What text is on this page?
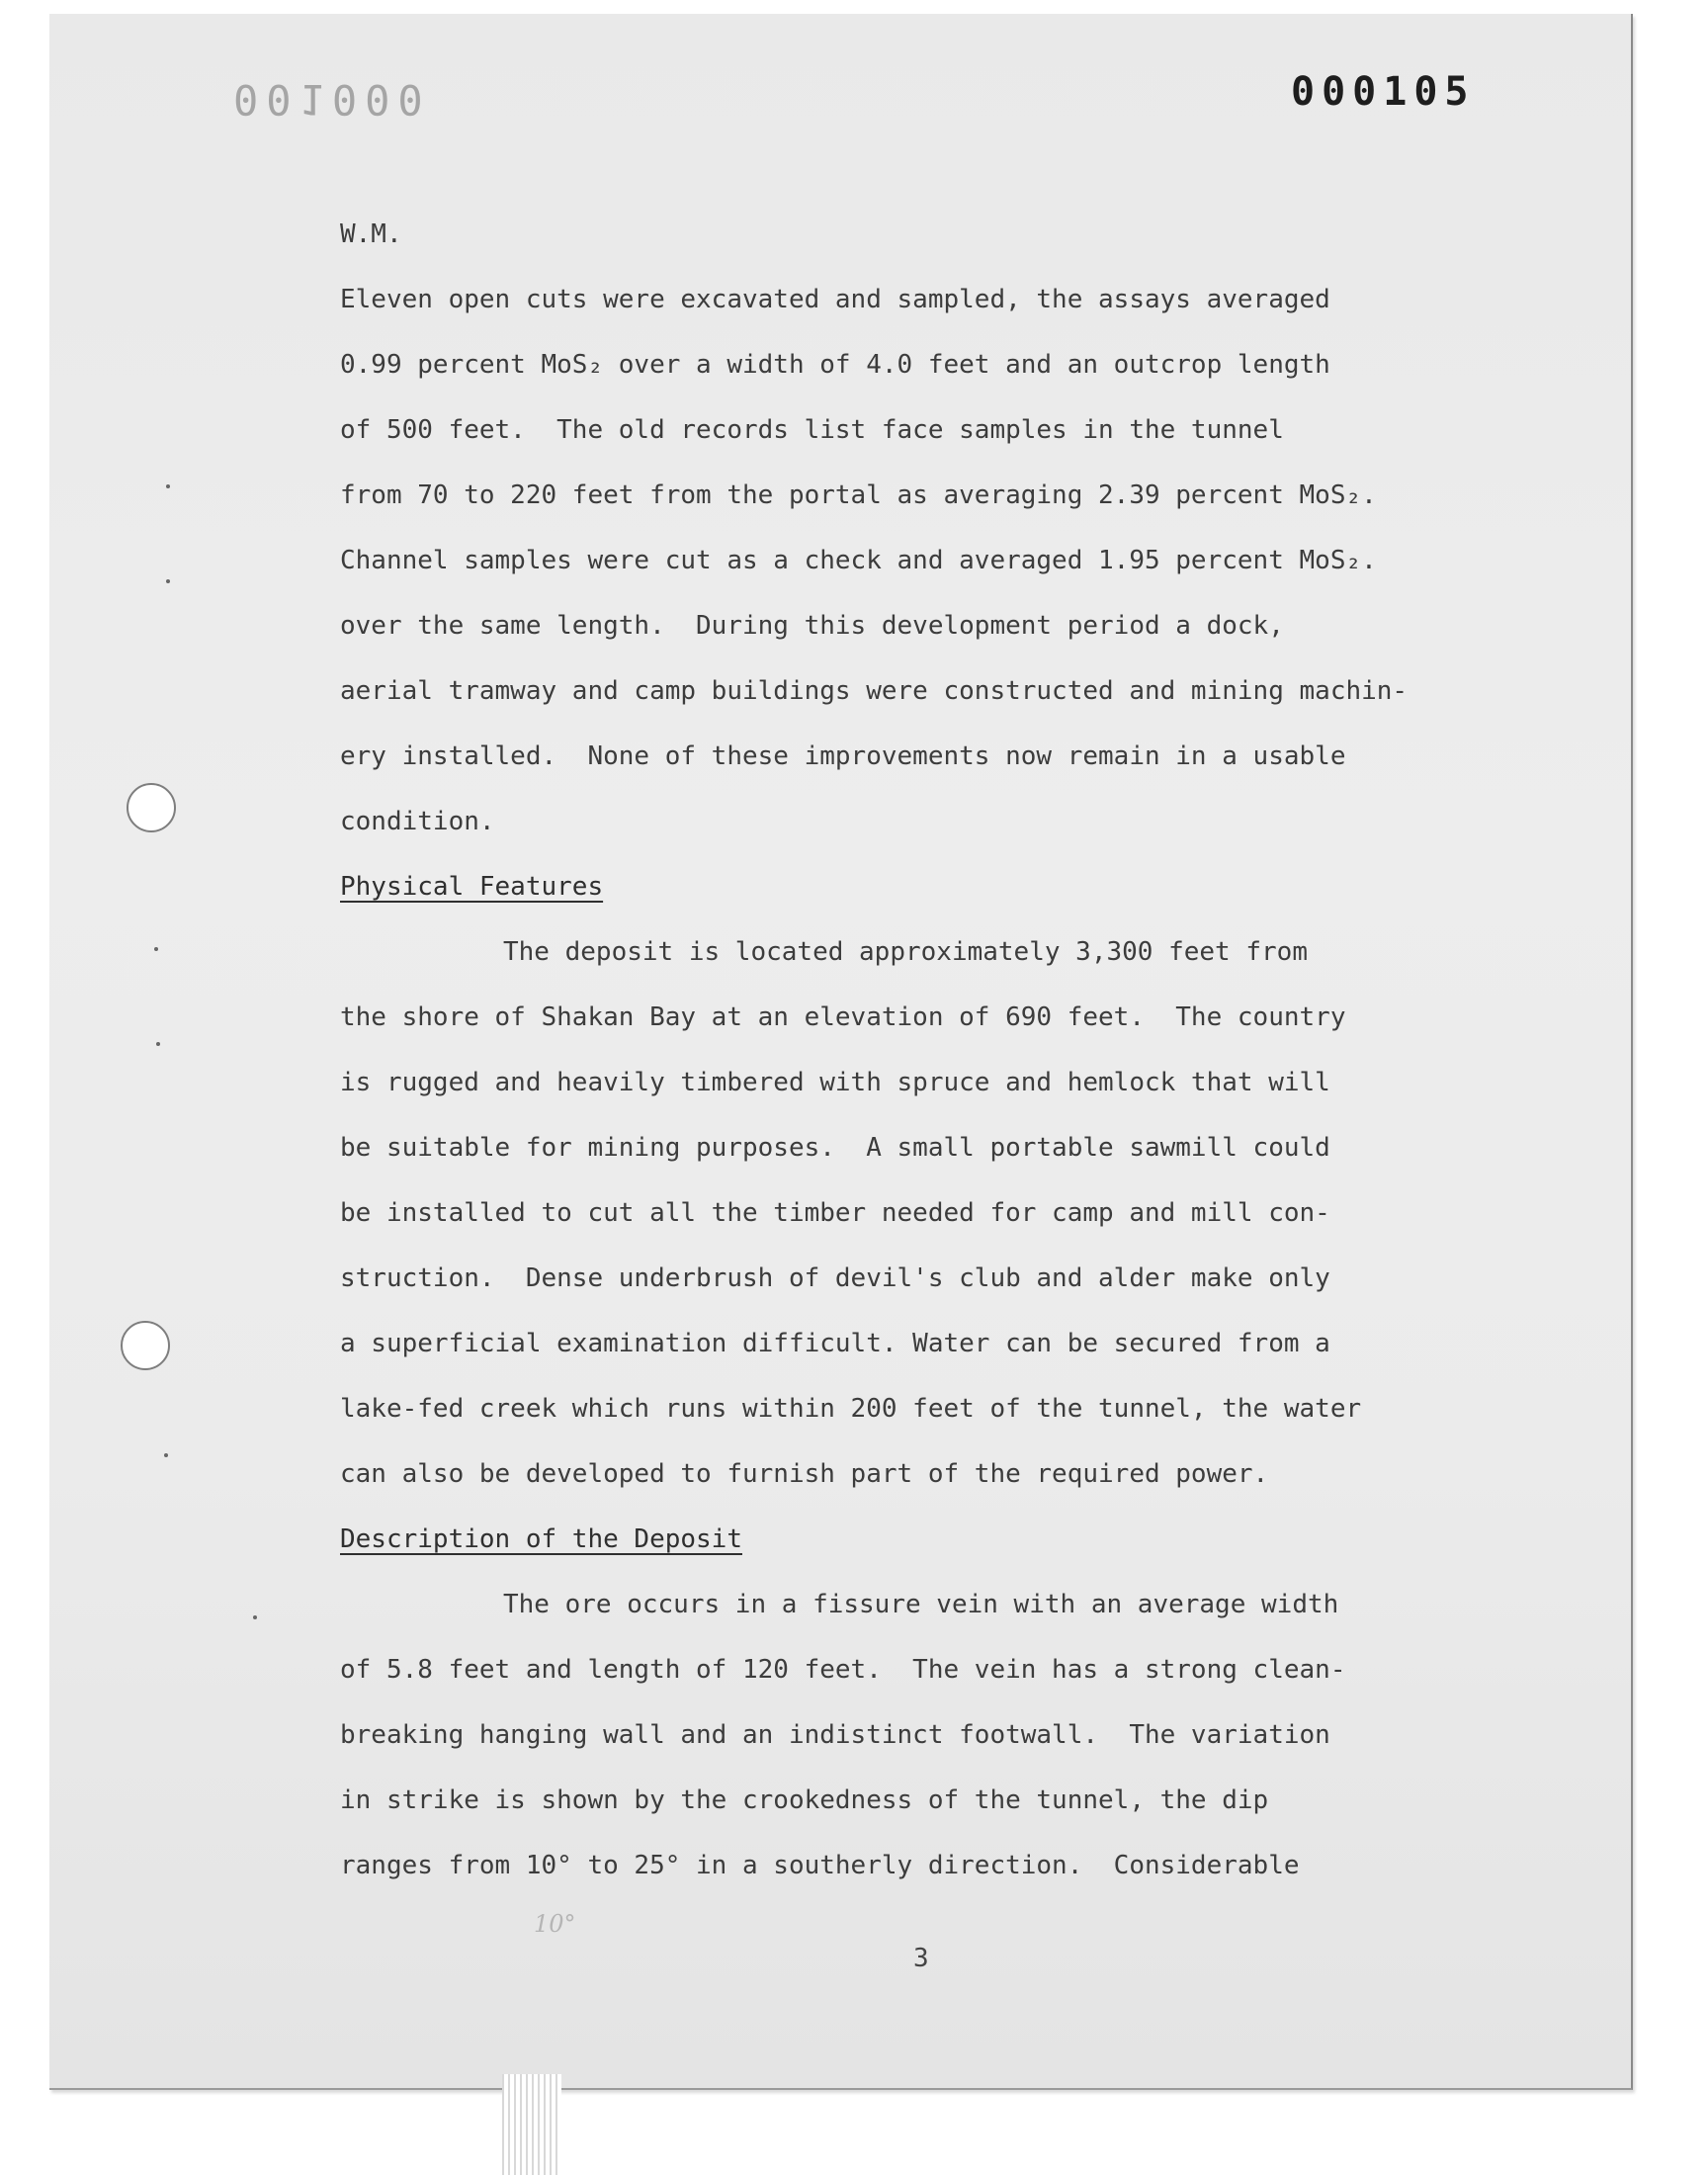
001000	000105
W.M.
Eleven open cuts were excavated and sampled, the assays averaged
0.99 percent MoS₂ over a width of 4.0 feet and an outcrop length
of 500 feet.  The old records list face samples in the tunnel
from 70 to 220 feet from the portal as averaging 2.39 percent MoS₂.
Channel samples were cut as a check and averaged 1.95 percent MoS₂.
over the same length.  During this development period a dock,
aerial tramway and camp buildings were constructed and mining machin-
ery installed.  None of these improvements now remain in a usable
condition.
Physical Features
The deposit is located approximately 3,300 feet from
the shore of Shakan Bay at an elevation of 690 feet.  The country
is rugged and heavily timbered with spruce and hemlock that will
be suitable for mining purposes.  A small portable sawmill could
be installed to cut all the timber needed for camp and mill con-
struction.  Dense underbrush of devil's club and alder make only
a superficial examination difficult. Water can be secured from a
lake-fed creek which runs within 200 feet of the tunnel, the water
can also be developed to furnish part of the required power.
Description of the Deposit
The ore occurs in a fissure vein with an average width
of 5.8 feet and length of 120 feet.  The vein has a strong clean-
breaking hanging wall and an indistinct footwall.  The variation
in strike is shown by the crookedness of the tunnel, the dip
ranges from 10° to 25° in a southerly direction.  Considerable
10°
3
